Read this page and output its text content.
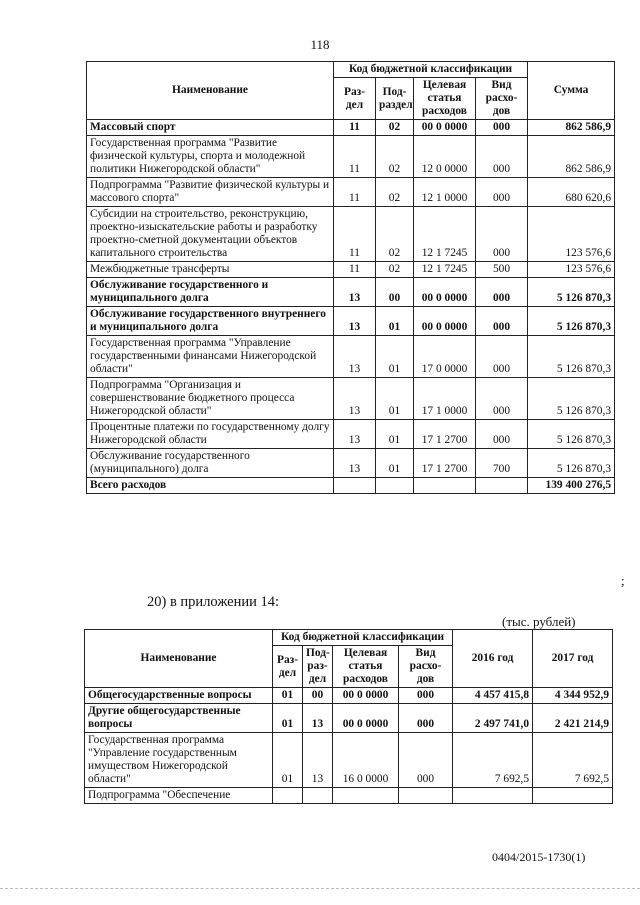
118
Наименование	Код бюджетной классификации				Сумма
	Раз-дел	Под-раздел	Целевая статья расходов	Вид расхо-дов	
Массовый спорт	11	02	00 0 0000	000	862 586,9
Государственная программа "Развитие физической культуры, спорта и молодежной политики Нижегородской области"	11	02	12 0 0000	000	862 586,9
Подпрограмма "Развитие физической культуры и массового спорта"	11	02	12 1 0000	000	680 620,6
Субсидии на строительство, реконструкцию, проектно-изыскательские работы и разработку проектно-сметной документации объектов капитального строительства	11	02	12 1 7245	000	123 576,6
Межбюджетные трансферты	11	02	12 1 7245	500	123 576,6
Обслуживание государственного и муниципального долга	13	00	00 0 0000	000	5 126 870,3
Обслуживание государственного внутреннего и муниципального долга	13	01	00 0 0000	000	5 126 870,3
Государственная программа "Управление государственными финансами Нижегородской области"	13	01	17 0 0000	000	5 126 870,3
Подпрограмма "Организация и совершенствование бюджетного процесса Нижегородской области"	13	01	17 1 0000	000	5 126 870,3
Процентные платежи по государственному долгу Нижегородской области	13	01	17 1 2700	000	5 126 870,3
Обслуживание государственного (муниципального) долга	13	01	17 1 2700	700	5 126 870,3
Всего расходов					139 400 276,5
;
20) в приложении 14:
(тыс. рублей)
Наименование	Код бюджетной классификации				2016 год	2017 год
	Раз-дел	Под-раз-дел	Целевая статья расходов	Вид расхо-дов		
Общегосударственные вопросы	01	00	00 0 0000	000	4 457 415,8	4 344 952,9
Другие общегосударственные вопросы	01	13	00 0 0000	000	2 497 741,0	2 421 214,9
Государственная программа "Управление государственным имуществом Нижегородской области"	01	13	16 0 0000	000	7 692,5	7 692,5
Подпрограмма "Обеспечение						
0404/2015-1730(1)
